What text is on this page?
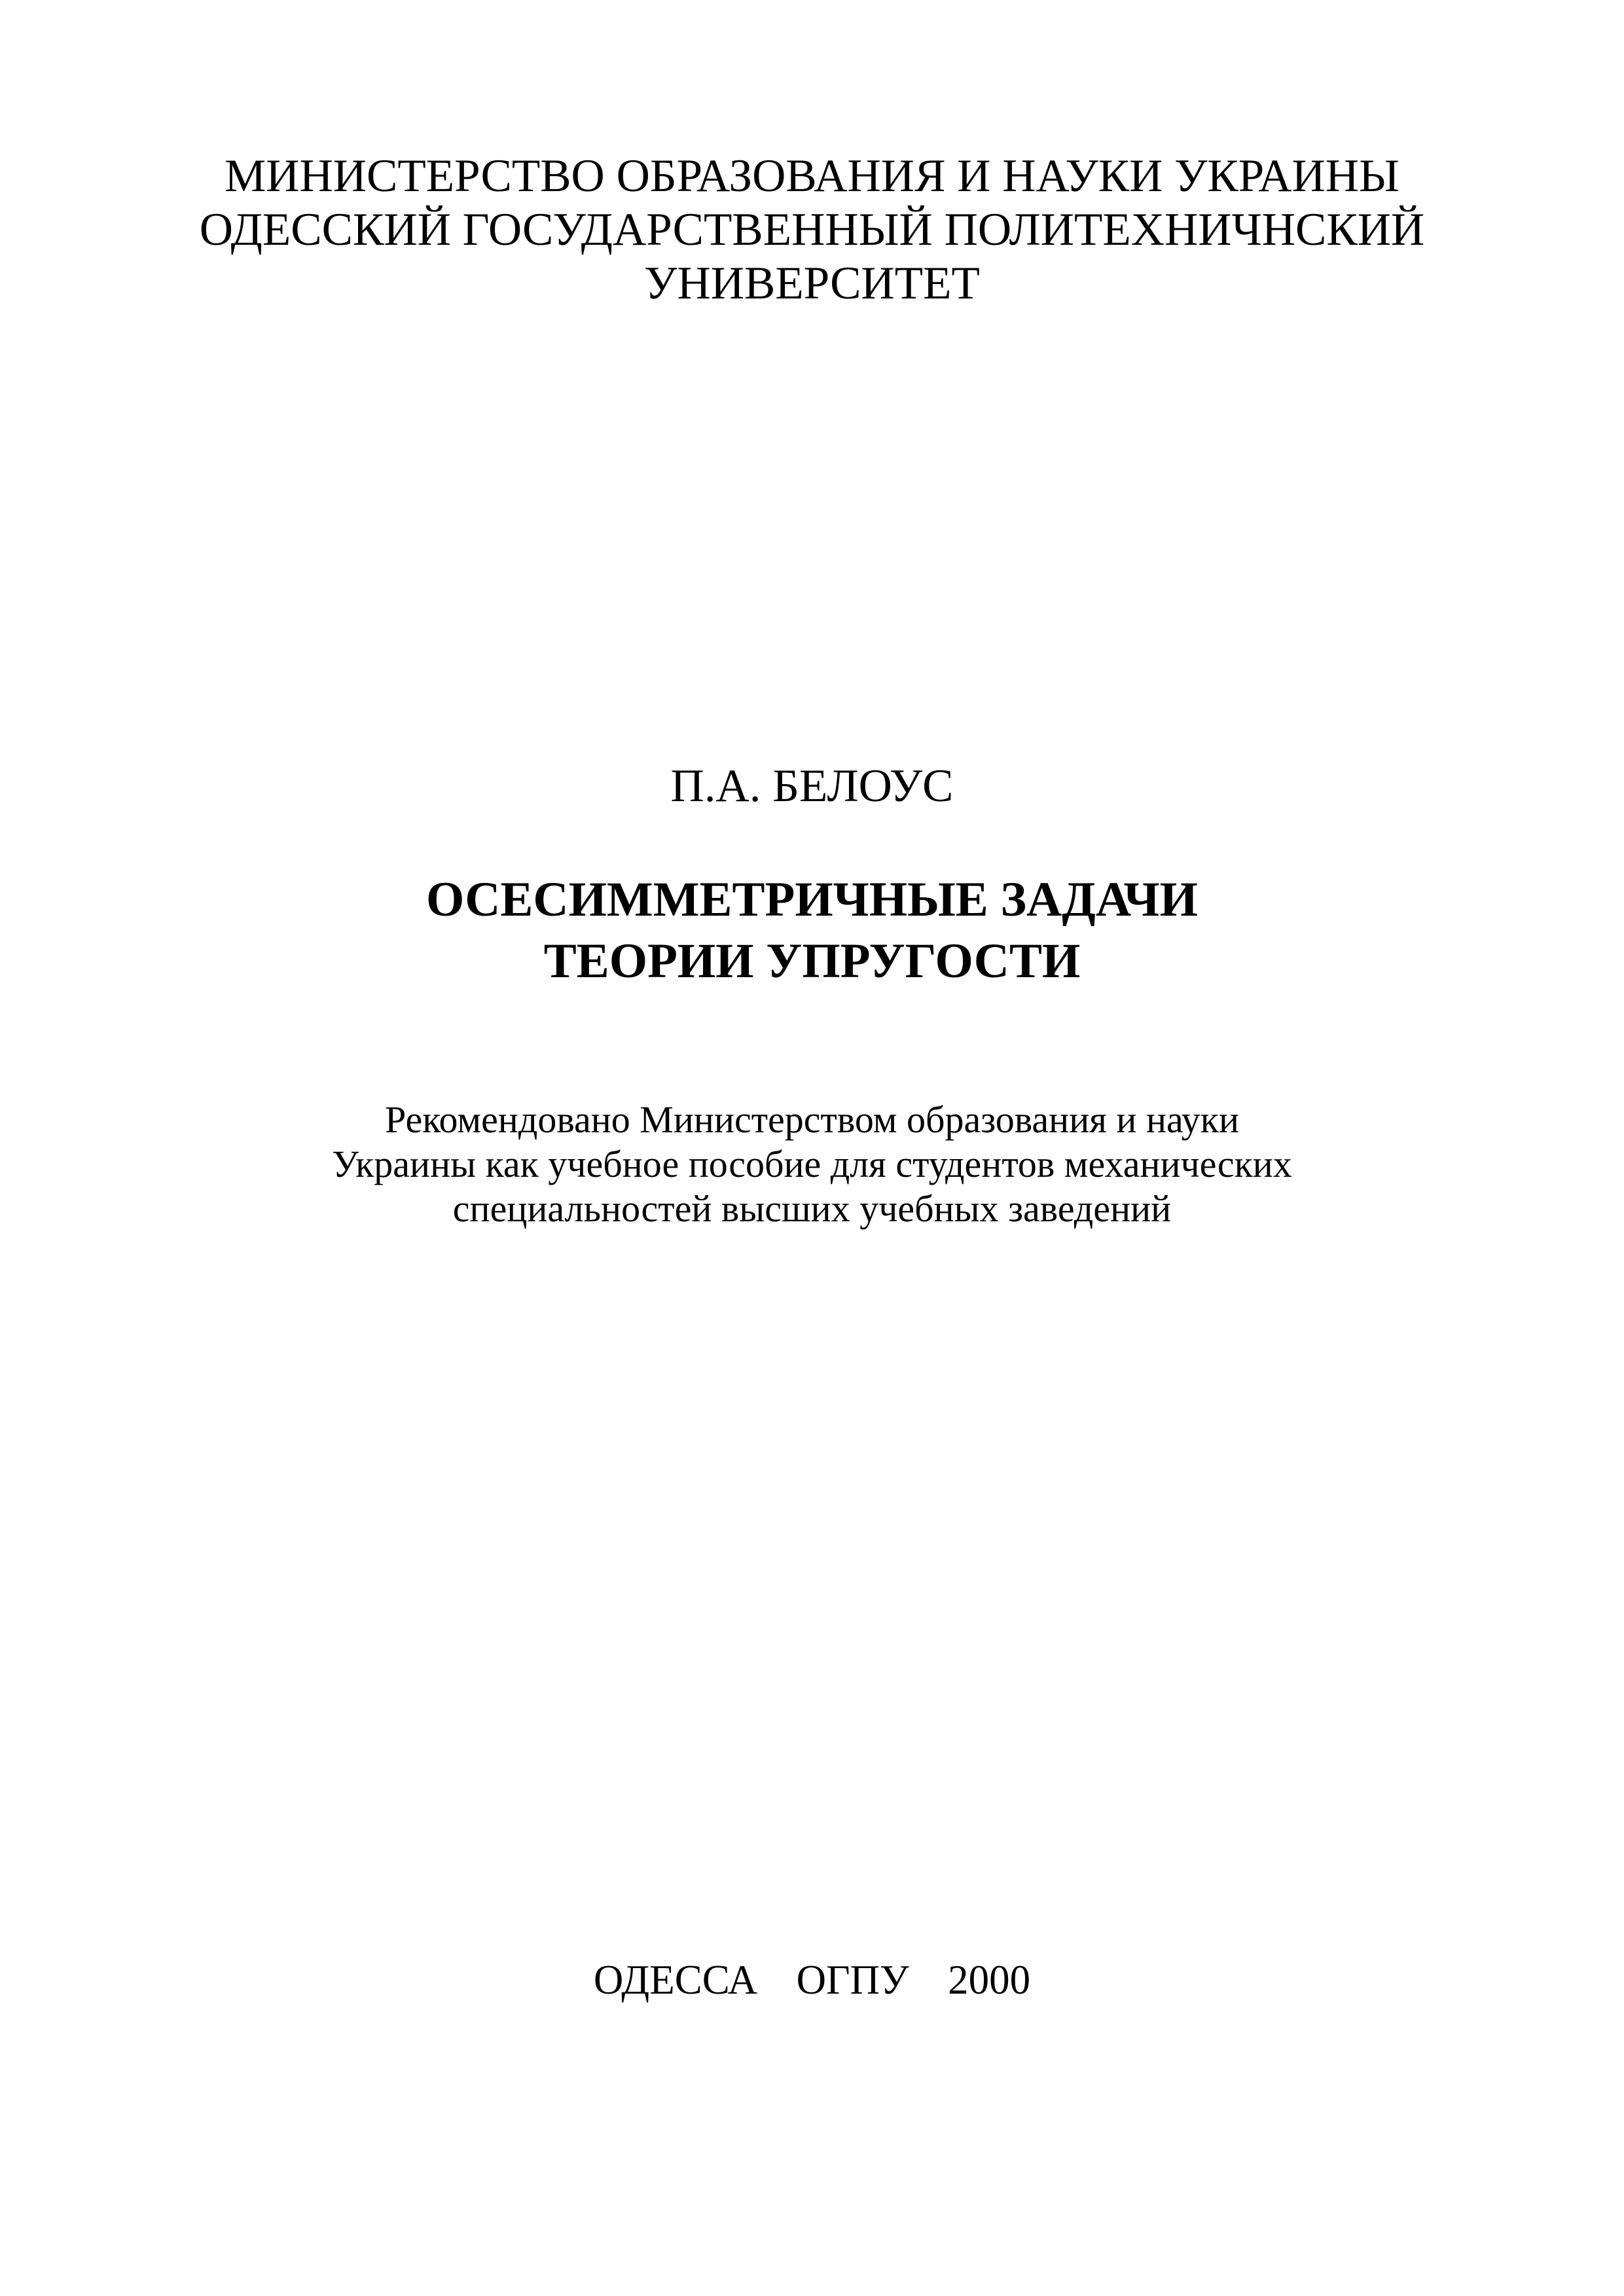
МИНИСТЕРСТВО ОБРАЗОВАНИЯ И НАУКИ УКРАИНЫ
ОДЕССКИЙ ГОСУДАРСТВЕННЫЙ ПОЛИТЕХНИЧНСКИЙ
УНИВЕРСИТЕТ
П.А. БЕЛОУС
ОСЕСИММЕТРИЧНЫЕ ЗАДАЧИ
ТЕОРИИ УПРУГОСТИ
Рекомендовано Министерством образования и науки
Украины как учебное пособие для студентов механических
специальностей высших учебных заведений
ОДЕССА  ОГПУ  2000
